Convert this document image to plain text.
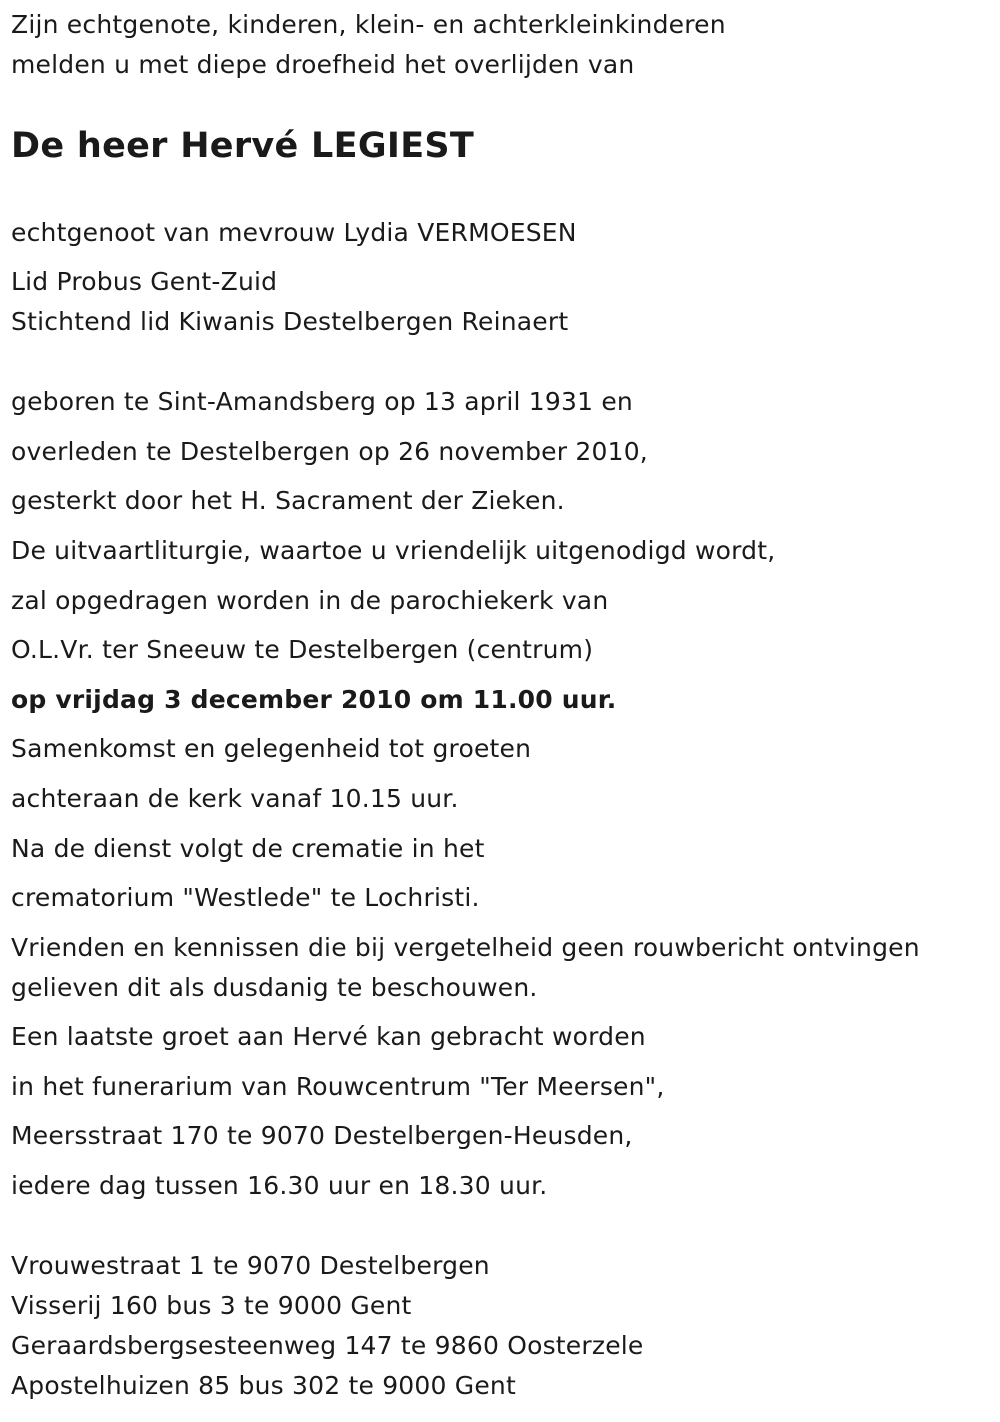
Zijn echtgenote, kinderen, klein- en achterkleinkinderen
melden u met diepe droefheid het overlijden van
De heer Hervé LEGIEST
echtgenoot van mevrouw Lydia VERMOESEN
Lid Probus Gent-Zuid
Stichtend lid Kiwanis Destelbergen Reinaert
geboren te Sint-Amandsberg op 13 april 1931 en
overleden te Destelbergen op 26 november 2010,
gesterkt door het H. Sacrament der Zieken.
De uitvaartliturgie, waartoe u vriendelijk uitgenodigd wordt,
zal opgedragen worden in de parochiekerk van
O.L.Vr. ter Sneeuw te Destelbergen (centrum)
op vrijdag 3 december 2010 om 11.00 uur.
Samenkomst en gelegenheid tot groeten
achteraan de kerk vanaf 10.15 uur.
Na de dienst volgt de crematie in het
crematorium "Westlede" te Lochristi.
Vrienden en kennissen die bij vergetelheid geen rouwbericht ontvingen
gelieven dit als dusdanig te beschouwen.
Een laatste groet aan Hervé kan gebracht worden
in het funerarium van Rouwcentrum "Ter Meersen",
Meersstraat 170 te 9070 Destelbergen-Heusden,
iedere dag tussen 16.30 uur en 18.30 uur.
Vrouwestraat 1 te 9070 Destelbergen
Visserij 160 bus 3 te 9000 Gent
Geraardsbergsesteenweg 147 te 9860 Oosterzele
Apostelhuizen 85 bus 302 te 9000 Gent
